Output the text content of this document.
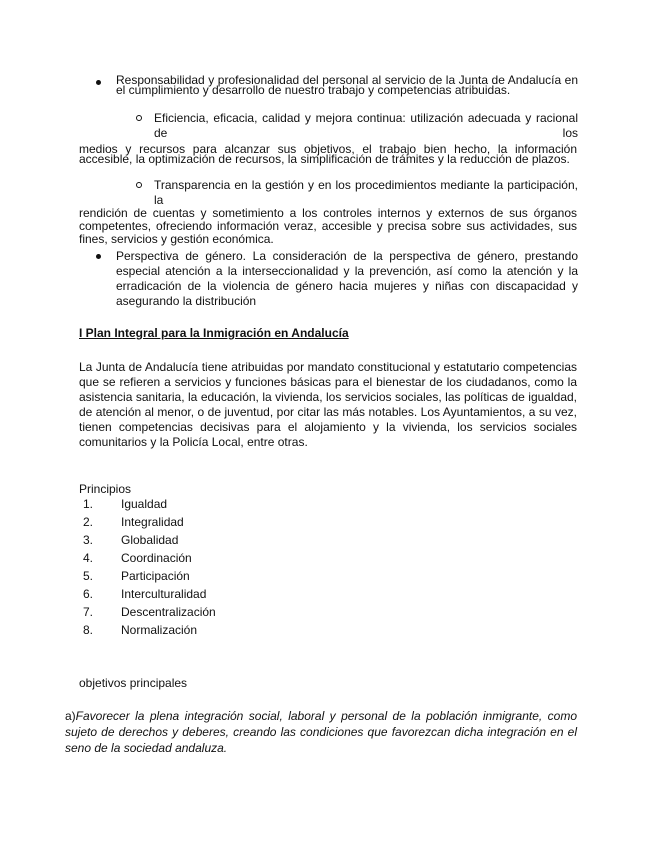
Responsabilidad y profesionalidad del personal al servicio de la Junta de Andalucía en el cumplimiento y desarrollo de nuestro trabajo y competencias atribuidas.
Eficiencia, eficacia, calidad y mejora continua: utilización adecuada y racional de los
medios y recursos para alcanzar sus objetivos, el trabajo bien hecho, la información accesible, la optimización de recursos, la simplificación de trámites y la reducción de plazos.
Transparencia en la gestión y en los procedimientos mediante la participación, la
rendición de cuentas y sometimiento a los controles internos y externos de sus órganos competentes, ofreciendo información veraz, accesible y precisa sobre sus actividades, sus fines, servicios y gestión económica.
Perspectiva de género. La consideración de la perspectiva de género, prestando especial atención a la interseccionalidad y la prevención, así como la atención y la erradicación de la violencia de género hacia mujeres y niñas con discapacidad y asegurando la distribución
I Plan Integral para la Inmigración en Andalucía
La Junta de Andalucía tiene atribuidas por mandato constitucional y estatutario competencias que se refieren a servicios y funciones básicas para el bienestar de los ciudadanos, como la asistencia sanitaria, la educación, la vivienda, los servicios sociales, las políticas de igualdad, de atención al menor, o de juventud, por citar las más notables. Los Ayuntamientos, a su vez, tienen competencias decisivas para el alojamiento y la vivienda, los servicios sociales comunitarios y la Policía Local, entre otras.
Principios
1. Igualdad
2. Integralidad
3. Globalidad
4. Coordinación
5. Participación
6. Interculturalidad
7. Descentralización
8. Normalización
objetivos principales
a)Favorecer la plena integración social, laboral y personal de la población inmigrante, como sujeto de derechos y deberes, creando las condiciones que favorezcan dicha integración en el seno de la sociedad andaluza.
